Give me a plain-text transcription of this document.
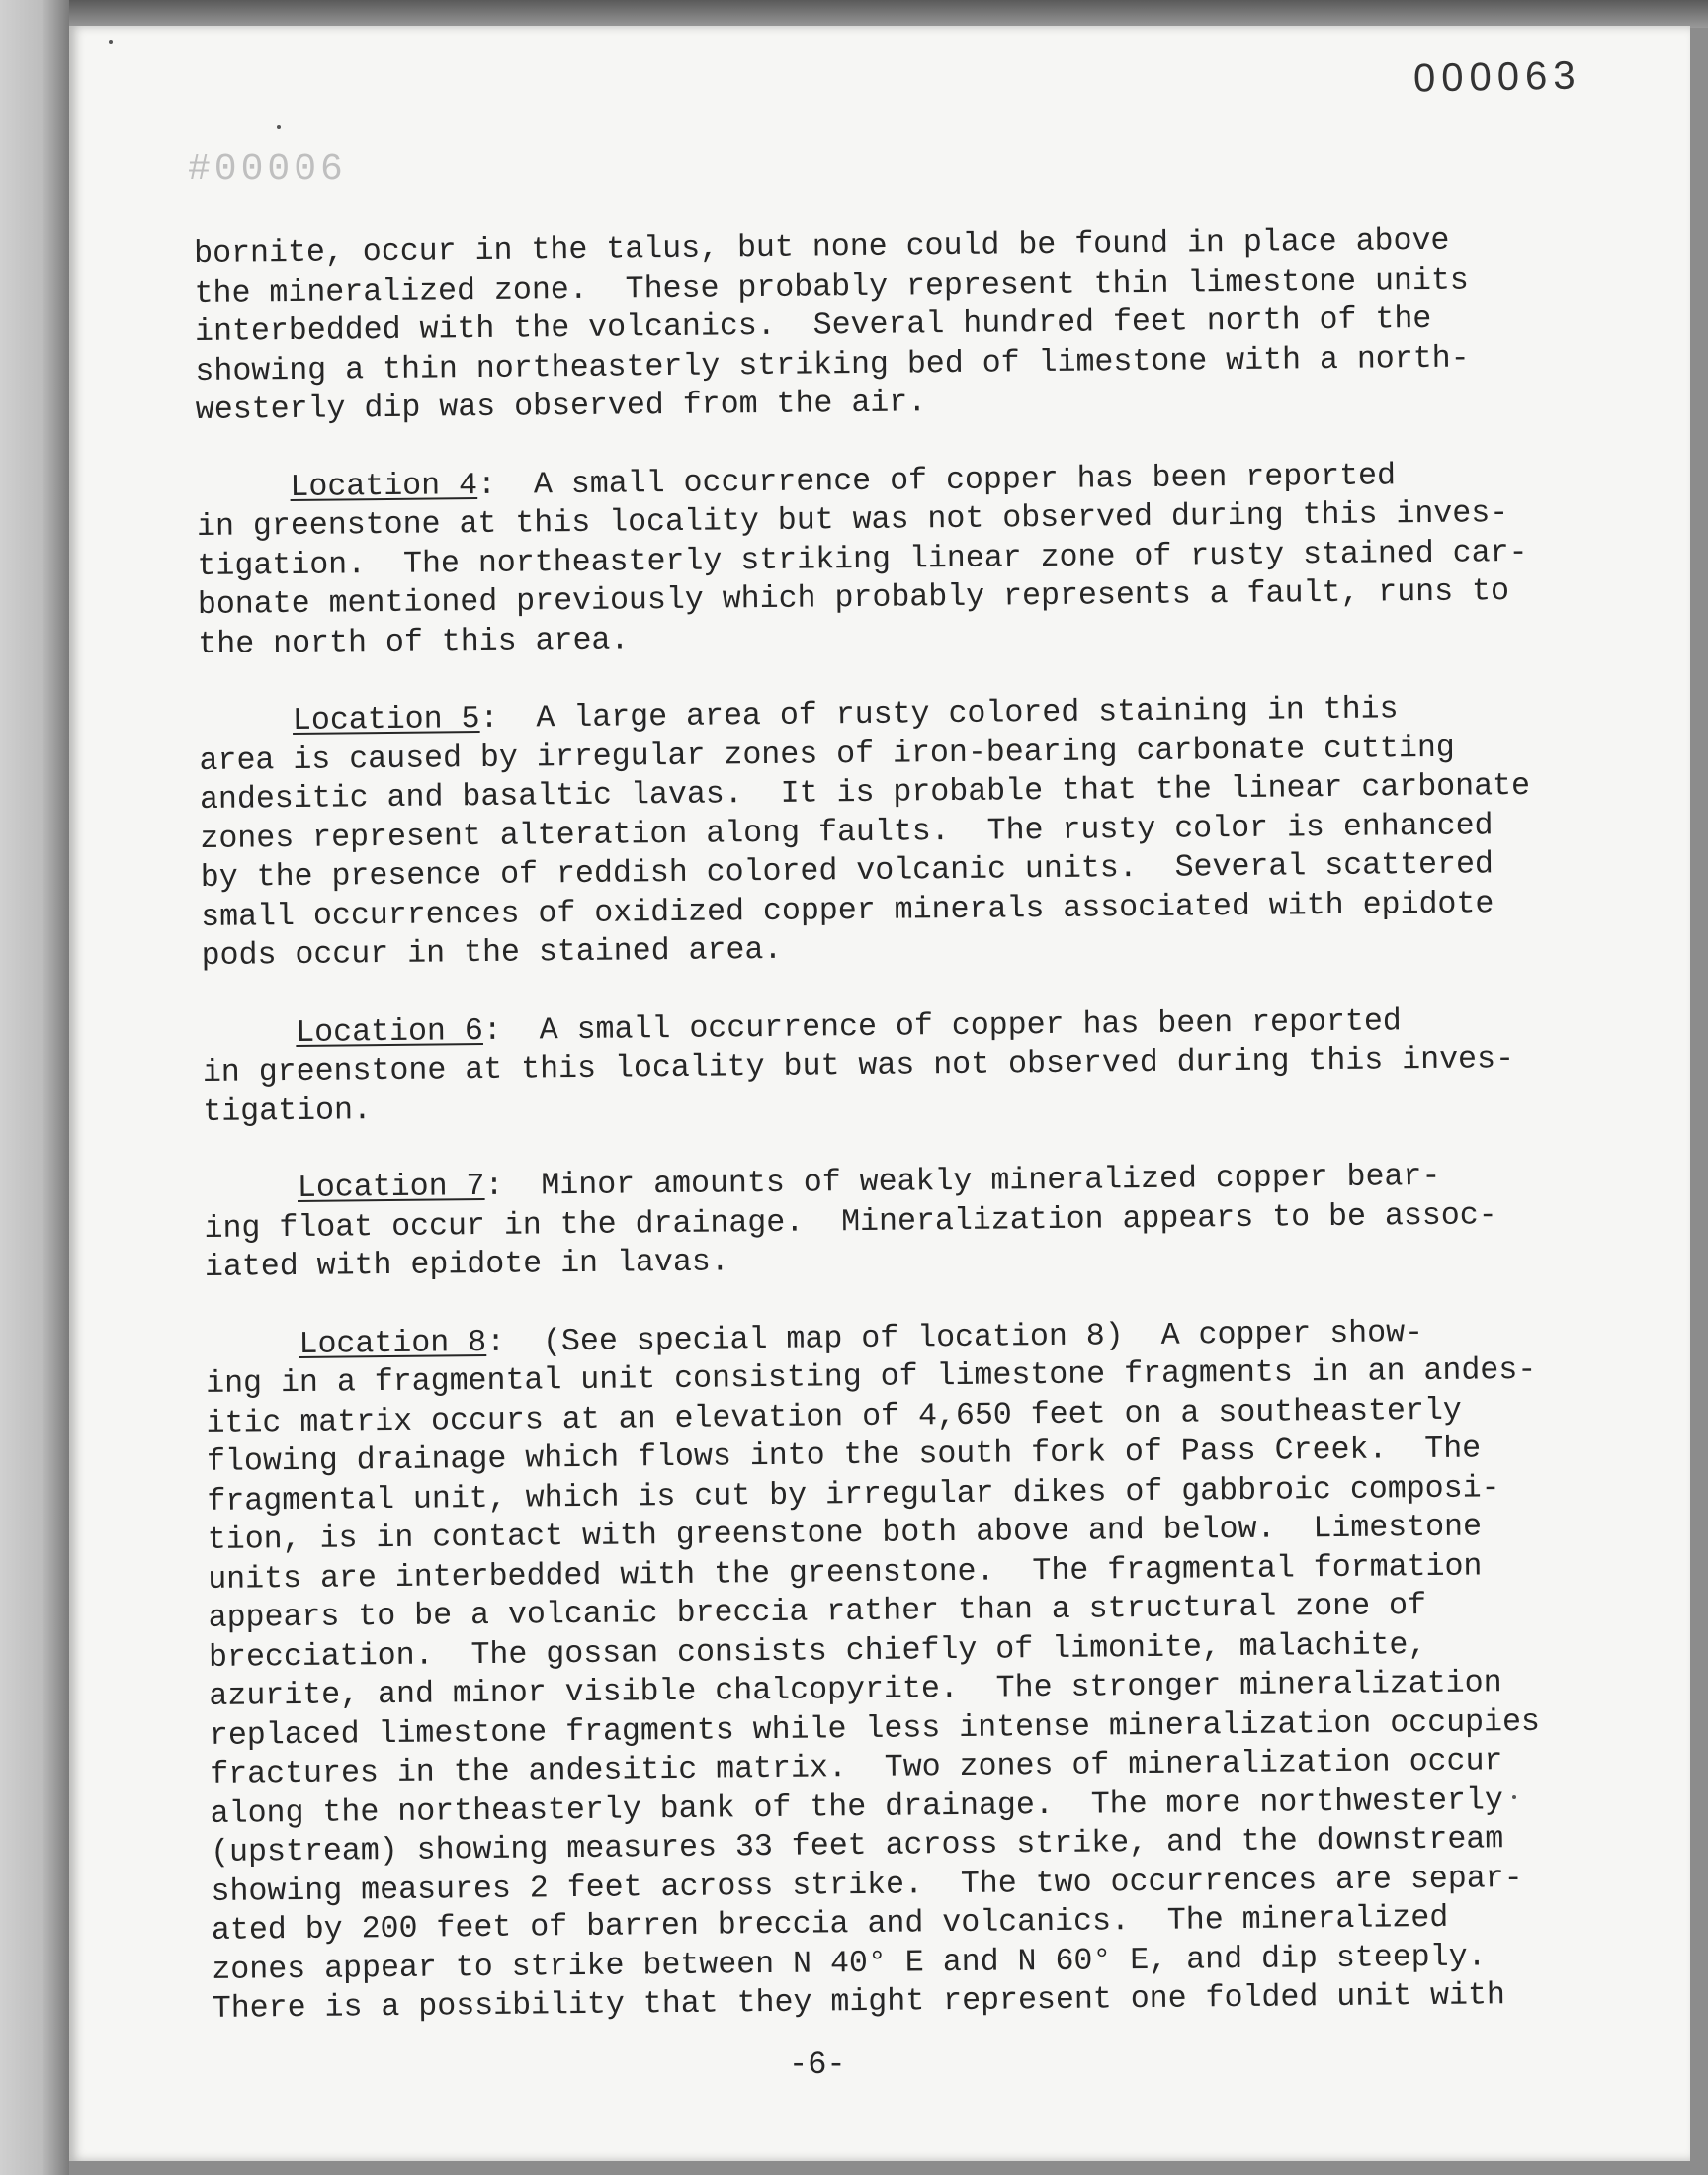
000063
#00006
bornite, occur in the talus, but none could be found in place above
the mineralized zone.  These probably represent thin limestone units
interbedded with the volcanics.  Several hundred feet north of the
showing a thin northeasterly striking bed of limestone with a north-
westerly dip was observed from the air.
Location 4:  A small occurrence of copper has been reported
in greenstone at this locality but was not observed during this inves-
tigation.  The northeasterly striking linear zone of rusty stained car-
bonate mentioned previously which probably represents a fault, runs to
the north of this area.
Location 5:  A large area of rusty colored staining in this
area is caused by irregular zones of iron-bearing carbonate cutting
andesitic and basaltic lavas.  It is probable that the linear carbonate
zones represent alteration along faults.  The rusty color is enhanced
by the presence of reddish colored volcanic units.  Several scattered
small occurrences of oxidized copper minerals associated with epidote
pods occur in the stained area.
Location 6:  A small occurrence of copper has been reported
in greenstone at this locality but was not observed during this inves-
tigation.
Location 7:  Minor amounts of weakly mineralized copper bear-
ing float occur in the drainage.  Mineralization appears to be assoc-
iated with epidote in lavas.
Location 8:  (See special map of location 8)  A copper show-
ing in a fragmental unit consisting of limestone fragments in an andes-
itic matrix occurs at an elevation of 4,650 feet on a southeasterly
flowing drainage which flows into the south fork of Pass Creek.  The
fragmental unit, which is cut by irregular dikes of gabbroic composi-
tion, is in contact with greenstone both above and below.  Limestone
units are interbedded with the greenstone.  The fragmental formation
appears to be a volcanic breccia rather than a structural zone of
brecciation.  The gossan consists chiefly of limonite, malachite,
azurite, and minor visible chalcopyrite.  The stronger mineralization
replaced limestone fragments while less intense mineralization occupies
fractures in the andesitic matrix.  Two zones of mineralization occur
along the northeasterly bank of the drainage.  The more northwesterly
(upstream) showing measures 33 feet across strike, and the downstream
showing measures 2 feet across strike.  The two occurrences are separ-
ated by 200 feet of barren breccia and volcanics.  The mineralized
zones appear to strike between N 40° E and N 60° E, and dip steeply.
There is a possibility that they might represent one folded unit with
-6-
